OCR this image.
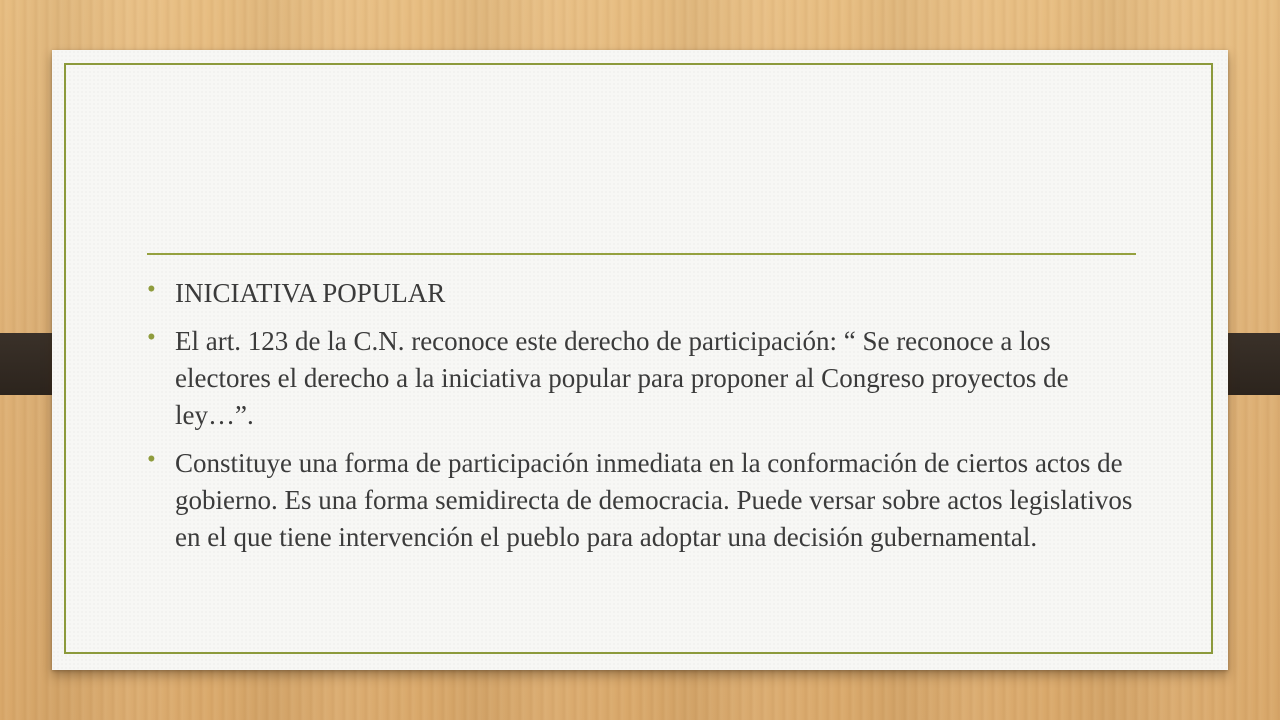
• INICIATIVA POPULAR
• El art. 123 de la C.N. reconoce este derecho de participación: “ Se reconoce a los electores el derecho a la iniciativa popular para proponer al Congreso proyectos de ley…”.
• Constituye una forma de participación inmediata en la conformación de ciertos actos de gobierno. Es una forma semidirecta de democracia. Puede versar sobre actos legislativos en el que tiene intervención el pueblo para adoptar una decisión gubernamental.
